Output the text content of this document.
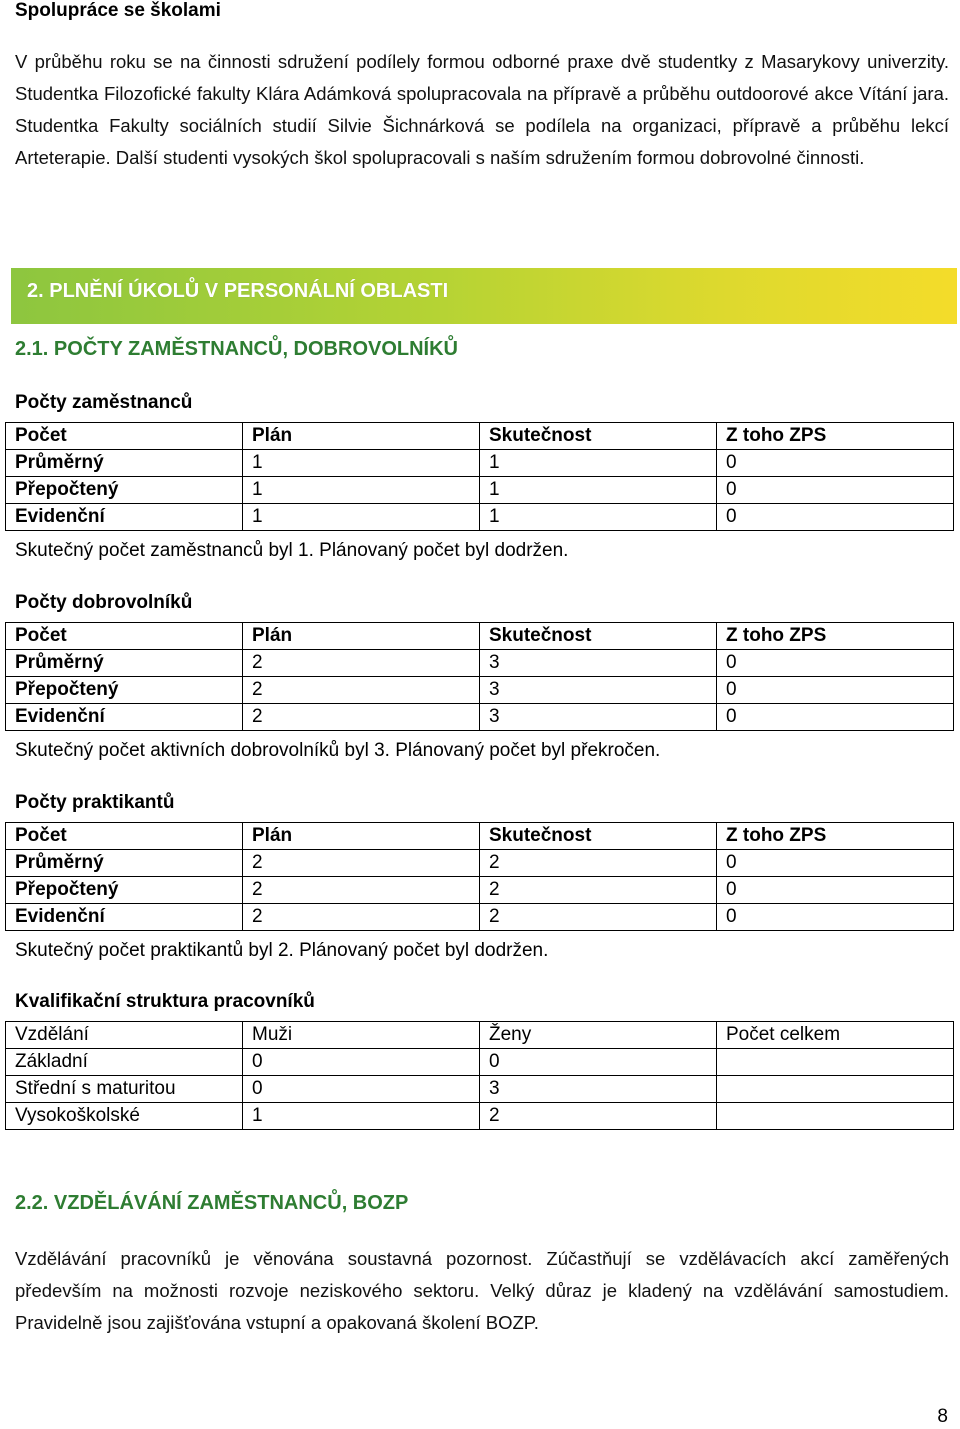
Spolupráce se školami
V průběhu roku se na činnosti sdružení podílely formou odborné praxe dvě studentky z Masarykovy univerzity. Studentka Filozofické fakulty Klára Adámková spolupracovala na přípravě a průběhu outdoorové akce Vítání jara. Studentka Fakulty sociálních studií Silvie Šichnárková se podílela na organizaci, přípravě a průběhu lekcí Arteterapie. Další studenti vysokých škol spolupracovali s naším sdružením formou dobrovolné činnosti.
2. PLNĚNÍ ÚKOLŮ V PERSONÁLNÍ OBLASTI
2.1. POČTY ZAMĚSTNANCŮ, DOBROVOLNÍKŮ
Počty zaměstnanců
Počet	Plán	Skutečnost	Z toho ZPS
Průměrný	1	1	0
Přepočtený	1	1	0
Evidenční	1	1	0
Skutečný počet zaměstnanců byl 1. Plánovaný počet byl dodržen.
Počty dobrovolníků
Počet	Plán	Skutečnost	Z toho ZPS
Průměrný	2	3	0
Přepočtený	2	3	0
Evidenční	2	3	0
Skutečný počet aktivních dobrovolníků byl 3. Plánovaný počet byl překročen.
Počty praktikantů
Počet	Plán	Skutečnost	Z toho ZPS
Průměrný	2	2	0
Přepočtený	2	2	0
Evidenční	2	2	0
Skutečný počet praktikantů byl 2. Plánovaný počet byl dodržen.
Kvalifikační struktura pracovníků
Vzdělání	Muži	Ženy	Počet celkem
Základní	0	0	
Střední s maturitou	0	3	
Vysokoškolské	1	2	
2.2. VZDĚLÁVÁNÍ ZAMĚSTNANCŮ, BOZP
Vzdělávání pracovníků je věnována soustavná pozornost. Zúčastňují se vzdělávacích akcí zaměřených především na možnosti rozvoje neziskového sektoru. Velký důraz je kladený na vzdělávání samostudiem. Pravidelně jsou zajišťována vstupní a opakovaná školení BOZP.
8
